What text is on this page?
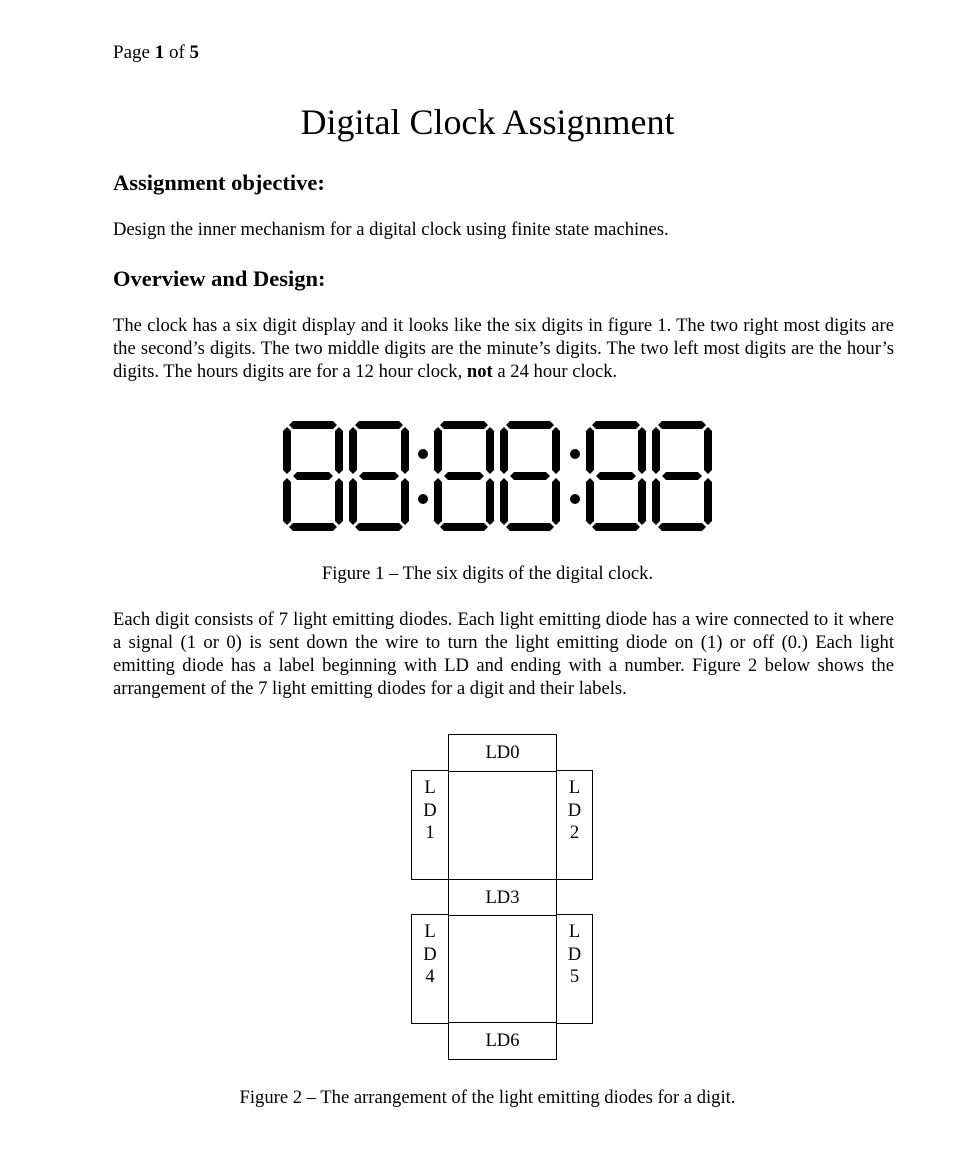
Page 1 of 5
Digital Clock Assignment
Assignment objective:

Design the inner mechanism for a digital clock using finite state machines.

Overview and Design:

The clock has a six digit display and it looks like the six digits in figure 1. The two right most digits are the second’s digits. The two middle digits are the minute’s digits. The two left most digits are the hour’s digits. The hours digits are for a 12 hour clock, not a 24 hour clock.

Figure 1 – The six digits of the digital clock.

Each digit consists of 7 light emitting diodes. Each light emitting diode has a wire connected to it where a signal (1 or 0) is sent down the wire to turn the light emitting diode on (1) or off (0.) Each light emitting diode has a label beginning with LD and ending with a number. Figure 2 below shows the arrangement of the 7 light emitting diodes for a digit and their labels.

LD0
L
D
1
L
D
2
LD3
L
D
4
L
D
5
LD6
Figure 2 – The arrangement of the light emitting diodes for a digit.
